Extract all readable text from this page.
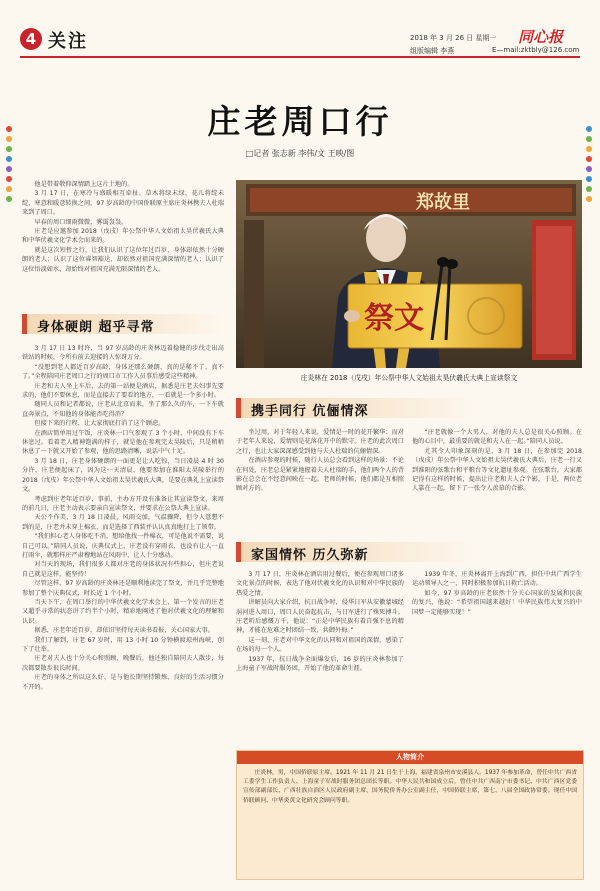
4 关注	2018 年 3 月 26 日 星期一 同心报
组版编辑 李燕	E—mail:zktbly@126.com
庄老周口行
□记者 张志新 李伟/文 王映/图

他是带着敬仰深情踏上这片土地的。

3 月 17 日，在寒冷与盛暖相互牵扯、草木将绿未绿、花儿将绽未绽、寒意和暖意转换之间，97 岁高龄的中国侨联原主席庄炎林携夫人杜瑞来到了周口。

早春的周口细雨微微，雾霭袅袅。

庄老是应邀参加 2018（戊戌）年公祭中华人文始祖太昊伏羲氏大典和中华伏羲文化学术会而来的。

就是这次短暂之行，让我们认识了这位年过百岁、身体却依然十分硬朗的老人；认识了这位睿智豁达、却依然对祖国充满深情的老人；认识了这位悟淡如水、却始终对祖国充满无限深情的老人。

身体硬朗 超乎寻常

3 月 17 日 13 时许，当 97 岁高龄的庄炎林迈着稳健的步伐走出高铁站的时候，令所有前去迎接的人惊讶万分。

“没想到老人都近百岁高龄，身体还那么硬朗、真的是稀不了、真不了。”全程陪同庄老周口之行的周口市工作人员事后感受这些精神。

庄老和夫人坐上车后，去的第一站便是酒店，据悉是庄老夫妇事先要求的，他们不要休息，而是直接去了要看的地方，一看就是一个多小时。

随同人员和记者都说，庄老从北京而来，坐了那么久的车，一下车就直奔景点，不知他的身体能否吃得消？

但接下来的行程，让大家彻底打消了这个顾虑。

在酒店简单用过午饭，庄炎林一口气参观了 3 个小时，中间没有下车休息过。看着老人精神饱满的样子，就是他在参观完太昊陵后，只是稍稍休息了一下就又开始了参观，他的思路清晰，说话中气十足。

3 月 18 日，庄老身体硬朗的一面更是让人吃惊，当日凌晨 4 时 30 分许，庄老便起床了，因为这一天清晨，他要参加在淮阳太昊陵举行的 2018（戊戌）年公祭中华人文始祖太昊伏羲氏大典，是要在典礼上宣读祭文。

考虑到庄老年近百岁，事前，主办方开设有准备让其宣读祭文，来周的前几日，庄老主动表示要亲自宣读祭文，并要求在公祭大典上宣读。

天公不作美，3 月 18 日凌晨，风雨交加，气温骤降，但令人意想不到的是，庄老并未穿上棉衣，而是选择了西装并认认真真地打上了领带。

“我们担心老人身体吃不消，想给他找一件棉衣，可是他说不需要，说自己可以。”陪同人员说，庆典仪式上，庄老没有穿雨衣，也没有让人一直打雨伞，就那样庄严肃穆地站在风雨中，让人十分感动。

对当天的现场，我们很多人都对庄老的身体状况有些担心，但庄老说自己就是这样，能坚持！

尽管这样，97 岁高龄的庄炎林还是顺利地读完了祭文，并几乎完整地参加了整个庆典仪式，时长近 1 个小时。

当天下午，在周口举行的中华伏羲文化学术会上，第一个发言的庄老又超乎寻常的状态讲了约半个小时，精彩地阐述了他对伏羲文化的理解和认识。

据悉，庄老年近百岁，却依旧坚持每天读书看报，关心国家大事。

我们了解到，庄老 67 岁时，用 13 小时 10 分钟横渡琼州海峡，创下了壮举。

庄老对夫人也十分关心和照顾，晚餐后，他还独自陪同夫人散步，每次都要散步很长时间。

庄老的身体之所以这么好，是与他长期坚持锻炼、良好的生活习惯分不开的。

郑故里
祭文
庄炎林在 2018（戊戌）年公祭中华人文始祖太昊伏羲氏大典上宣读祭文
携手同行 伉俪情深

坐过周，对于年轻人来说，爱情是一时的花开繁华；而对于老年人来说，爱情则是花落花开中的默守。庄老的此次周口之行，也让大家深深感受到他与夫人杜瑞的伉俪情深。

在酒店参观的时候，随行人员总会看到这样的场景：不论在何处，庄老总是紧紧地握着夫人杜瑞的手，他们两个人的背影在总会在不经意间映在一起。老师的时候，他们都是互相照顾对方的。

“庄老就像一个大男人，对他的夫人总是很关心照顾。在他的心目中，最重要的就是和夫人在一起。”陪同人员说。

尤其令人印象深刻的是，3 月 18 日，在参加完 2018（戊戌）年公祭中华人文始祖太昊伏羲氏大典后，庄老一行又到淮阳的弦歌台和平粮台等文化遗址参观。在弦歌台，大家都记得有这样的时候，提出让庄老和夫人合个影，于是，两位老人靠在一起，留下了一张令人羡慕的合影。

家国情怀 历久弥新

3 月 17 日，庄炎林在酒店用过餐后，便在参观周口诸多文化景点的时候，表达了他对伏羲文化的认识和对中华民族的热爱之情。

讲解员向大家介绍，抗日战争时，侵华日军从安徽蒙城经涡河进入周口，周口人民奋起抗击，与日军进行了殊死搏斗。庄老听后感慨万千，他说：“正是中华民族有着自强不息的精神，才能在危难之时团结一致，共御外侮。”

这一刻，庄老对中华文化的认同和对祖国的深情，感染了在场的每一个人。

1937 年，抗日战争全面爆发后，16 岁的庄炎林参加了上海童子军战时服务团，开始了他的革命生涯。

1939 年冬，庄炎林离开上海到广西，担任中共广西学生运动领导人之一，同时积极参加抗日救亡活动。

如今，97 岁高龄的庄老依然十分关心国家的发展和民族的复兴，他说：“希望祖国越来越好！中华民族伟大复兴的中国梦一定能够实现！”

人物简介
庄炎林，男，中国侨联原主席。1921 年 11 月 21 日生于上海，福建省泉州市安溪县人。1937 年参加革命，曾任中共广西省工委学生工作负责人、上海童子军战时服务团总团长等职。中华人民共和国成立后，曾任中共广西南宁市委书记、中共广西区党委宣传部副部长、广西壮族自治区人民政府副主席，国务院侨务办公室副主任，中国侨联主席，第七、八届全国政协常委。现任中国侨联顾问、中华炎黄文化研究会顾问等职。
